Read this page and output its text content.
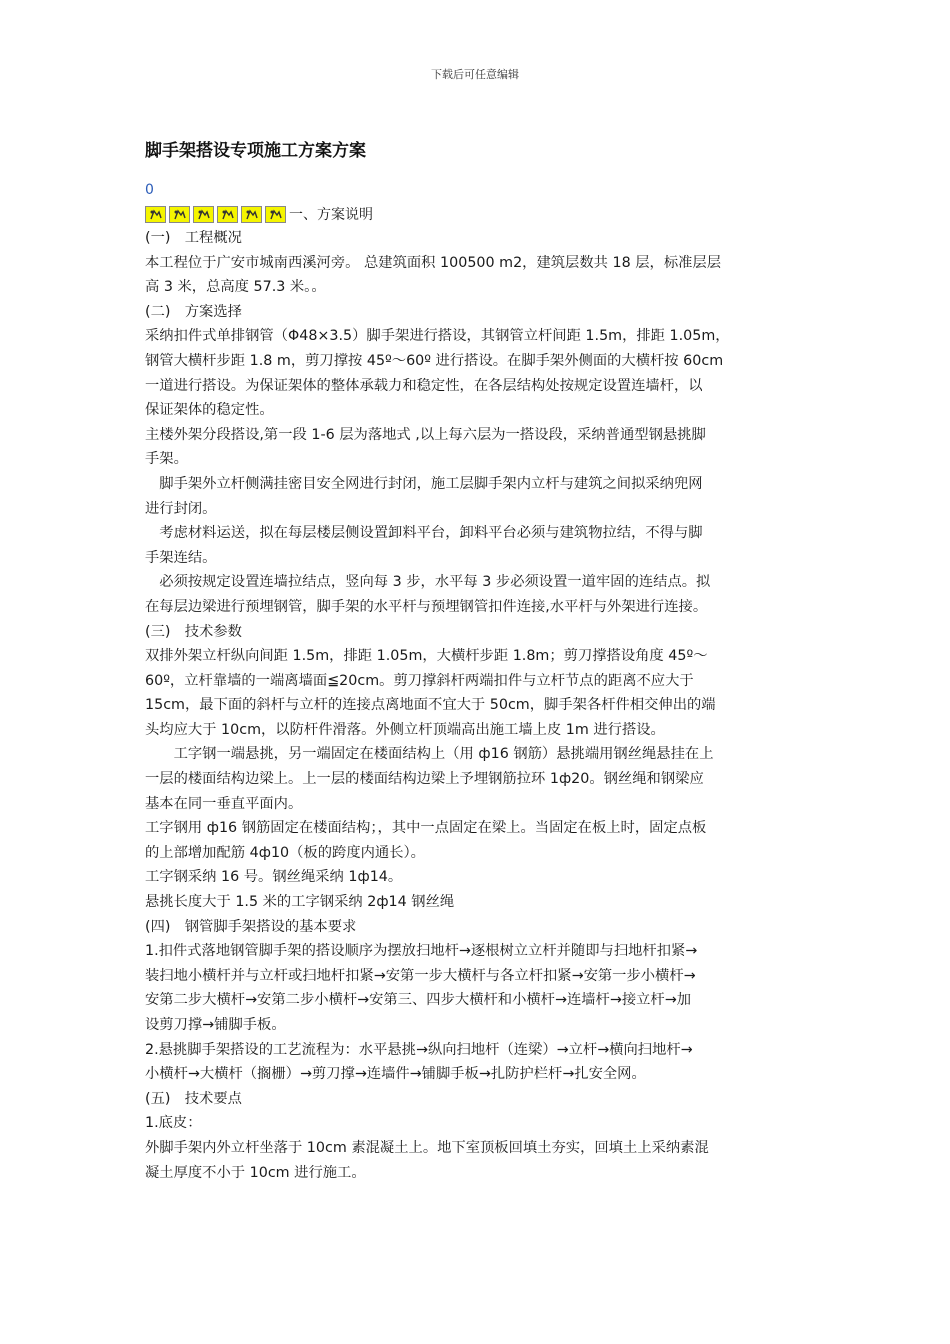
下载后可任意编辑
脚手架搭设专项施工方案方案
0
一、方案说明
(一)　工程概况
本工程位于广安市城南西溪河旁。 总建筑面积 100500 m2，建筑层数共 18 层，标准层层
高 3 米，总高度 57.3 米。。
(二)　方案选择
采纳扣件式单排钢管（Φ48×3.5）脚手架进行搭设，其钢管立杆间距 1.5m，排距 1.05m，
钢管大横杆步距 1.8 m，剪刀撑按 45º～60º 进行搭设。在脚手架外侧面的大横杆按 60cm
一道进行搭设。为保证架体的整体承载力和稳定性，在各层结构处按规定设置连墙杆，以
保证架体的稳定性。
主楼外架分段搭设,第一段 1-6 层为落地式 ,以上每六层为一搭设段，采纳普通型钢悬挑脚
手架。
　脚手架外立杆侧满挂密目安全网进行封闭，施工层脚手架内立杆与建筑之间拟采纳兜网
进行封闭。
　考虑材料运送，拟在每层楼层侧设置卸料平台，卸料平台必须与建筑物拉结，不得与脚
手架连结。
　必须按规定设置连墙拉结点，竖向每 3 步，水平每 3 步必须设置一道牢固的连结点。拟
在每层边梁进行预埋钢管，脚手架的水平杆与预埋钢管扣件连接,水平杆与外架进行连接。
(三)　技术参数
双排外架立杆纵向间距 1.5m，排距 1.05m，大横杆步距 1.8m；剪刀撑搭设角度 45º～
60º，立杆靠墙的一端离墙面≦20cm。剪刀撑斜杆两端扣件与立杆节点的距离不应大于
15cm，最下面的斜杆与立杆的连接点离地面不宜大于 50cm，脚手架各杆件相交伸出的端
头均应大于 10cm，以防杆件滑落。外侧立杆顶端高出施工墙上皮 1m 进行搭设。
　　工字钢一端悬挑，另一端固定在楼面结构上（用 ф16 钢筋）悬挑端用钢丝绳悬挂在上
一层的楼面结构边梁上。上一层的楼面结构边梁上予埋钢筋拉环 1ф20。钢丝绳和钢梁应
基本在同一垂直平面内。
工字钢用 ф16 钢筋固定在楼面结构；，其中一点固定在梁上。当固定在板上时，固定点板
的上部增加配筋 4ф10（板的跨度内通长）。
工字钢采纳 16 号。钢丝绳采纳 1ф14。
悬挑长度大于 1.5 米的工字钢采纳 2ф14 钢丝绳
(四)　钢管脚手架搭设的基本要求
1.扣件式落地钢管脚手架的搭设顺序为摆放扫地杆→逐根树立立杆并随即与扫地杆扣紧→
装扫地小横杆并与立杆或扫地杆扣紧→安第一步大横杆与各立杆扣紧→安第一步小横杆→
安第二步大横杆→安第二步小横杆→安第三、四步大横杆和小横杆→连墙杆→接立杆→加
设剪刀撑→铺脚手板。
2.悬挑脚手架搭设的工艺流程为：水平悬挑→纵向扫地杆（连梁）→立杆→横向扫地杆→
小横杆→大横杆（搁栅）→剪刀撑→连墙件→铺脚手板→扎防护栏杆→扎安全网。
(五)　技术要点
1.底皮：
外脚手架内外立杆坐落于 10cm 素混凝土上。地下室顶板回填土夯实，回填土上采纳素混
凝土厚度不小于 10cm 进行施工。
